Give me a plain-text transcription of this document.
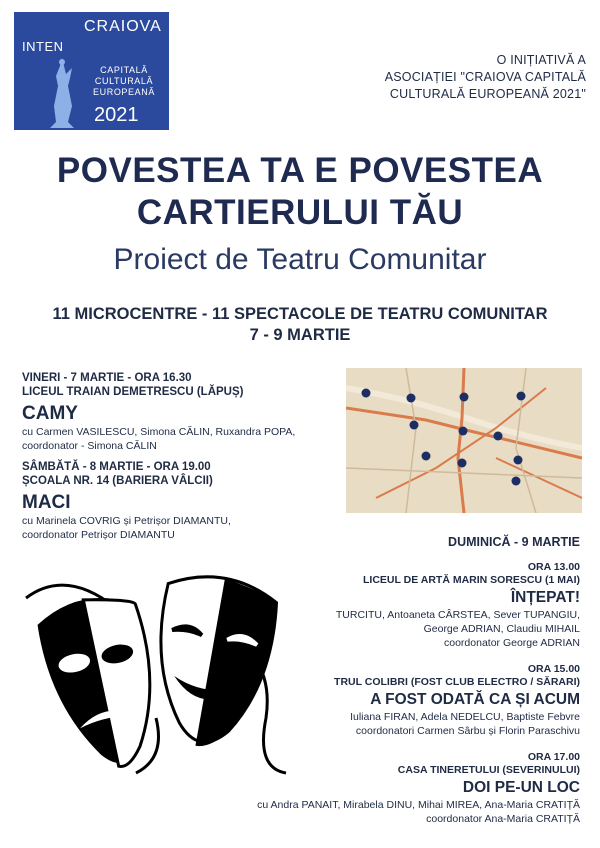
CRAIOVA
INTEN
CAPITALĂ
CULTURALĂ
EUROPEANĂ
2021
O INIȚIATIVĂ A
ASOCIAȚIEI "CRAIOVA CAPITALĂ
CULTURALĂ EUROPEANĂ 2021"
POVESTEA TA E POVESTEA
CARTIERULUI TĂU
Proiect de Teatru Comunitar
11 MICROCENTRE - 11 SPECTACOLE DE TEATRU COMUNITAR
7 - 9 MARTIE
VINERI - 7 MARTIE - ORA 16.30
LICEUL TRAIAN DEMETRESCU (LĂPUȘ)
CAMY
cu Carmen VASILESCU, Simona CĂLIN, Ruxandra POPA,
coordonator - Simona CĂLIN
SÂMBĂTĂ - 8 MARTIE - ORA 19.00
ȘCOALA NR. 14 (BARIERA VÂLCII)
MACI
cu Marinela COVRIG și Petrișor DIAMANTU,
coordonator Petrișor DIAMANTU	DUMINICĂ - 9 MARTIE
ORA 13.00
LICEUL DE ARTĂ MARIN SORESCU (1 MAI)
ÎNȚEPAT!
TURCITU, Antoaneta CÂRSTEA, Sever TUPANGIU,
George ADRIAN, Claudiu MIHAIL
coordonator George ADRIAN
ORA 15.00
TRUL COLIBRI (FOST CLUB ELECTRO / SĂRARI)
A FOST ODATĂ CA ȘI ACUM
Iuliana FIRAN, Adela NEDELCU, Baptiste Febvre
coordonatori Carmen Sârbu și Florin Paraschivu
ORA 17.00
CASA TINERETULUI (SEVERINULUI)
DOI PE-UN LOC
cu Andra PANAIT, Mirabela DINU, Mihai MIREA, Ana-Maria CRATIȚĂ
coordonator Ana-Maria CRATIȚĂ
